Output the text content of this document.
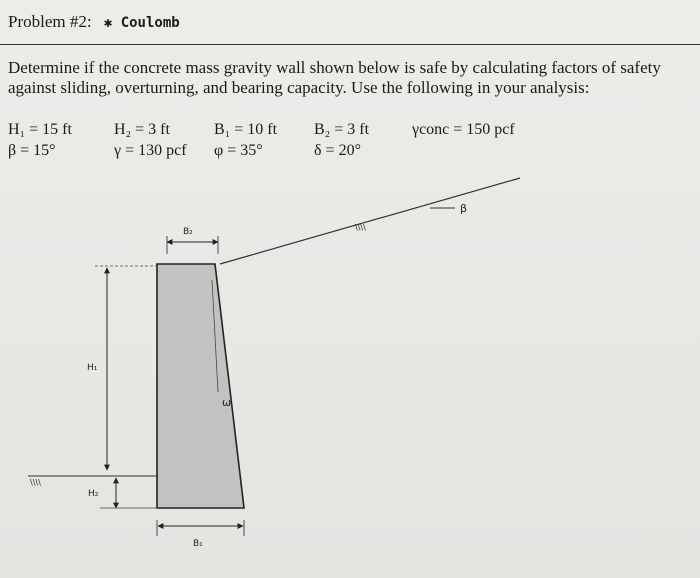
Problem #2: ✱ Coulomb
Determine if the concrete mass gravity wall shown below is safe by calculating factors of safety against sliding, overturning, and bearing capacity. Use the following in your analysis:
H₁ = 15 ft	H₂ = 3 ft	B₁ = 10 ft B₂ = 3 ft	γconc = 150 pcf
β = 15°	γ = 130 pcf φ = 35°	δ = 20°
β
\\\\
ω
B₂
H₁
\\\\
H₂
B₁
